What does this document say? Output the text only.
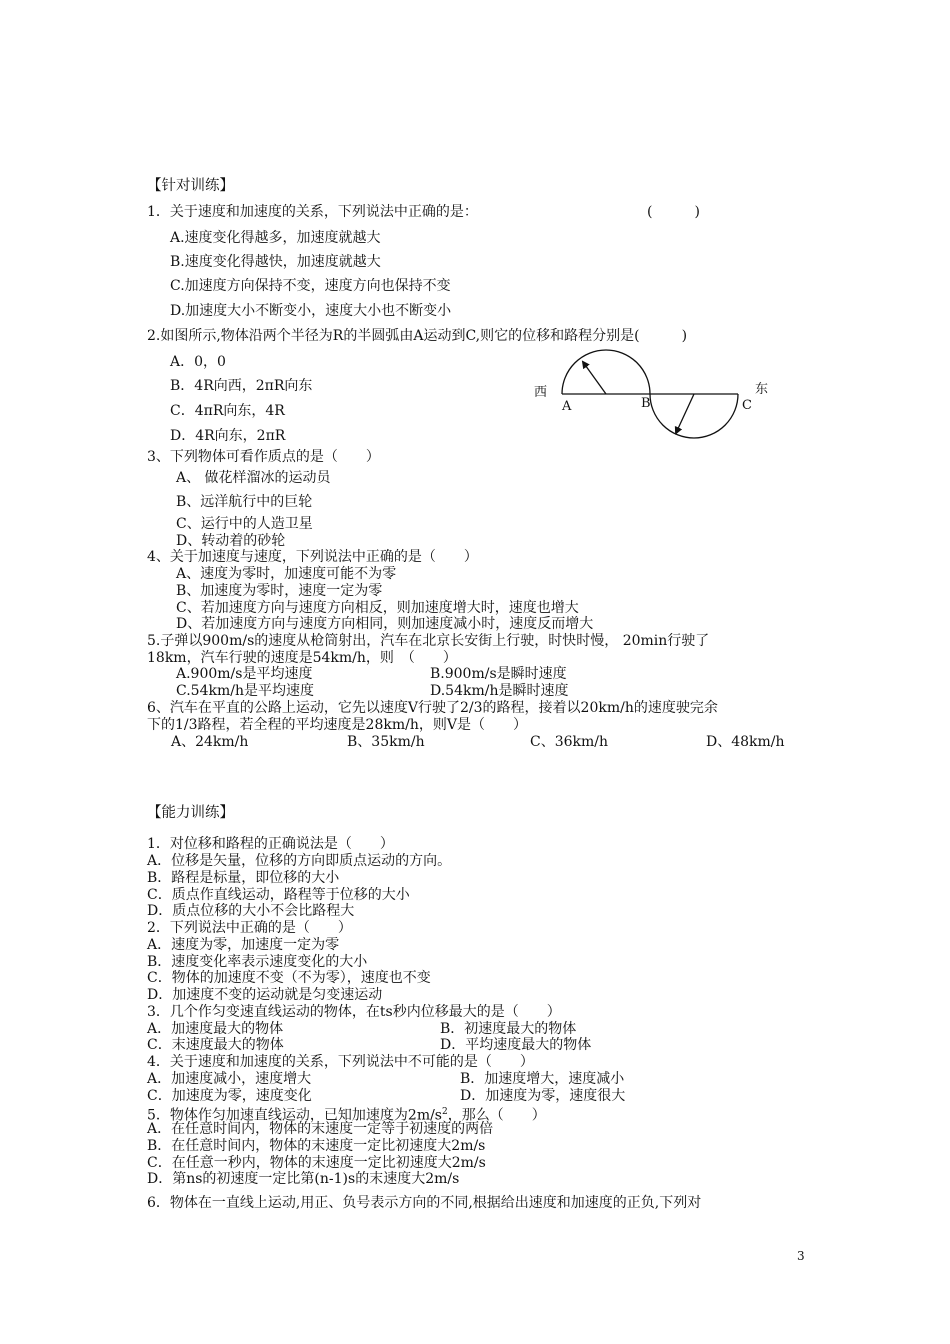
【针对训练】
1．关于速度和加速度的关系，下列说法中正确的是：	(　　　)
A.速度变化得越多，加速度就越大
B.速度变化得越快，加速度就越大
C.加速度方向保持不变，速度方向也保持不变
D.加速度大小不断变小，速度大小也不断变小
2.如图所示,物体沿两个半径为R的半圆弧由A运动到C,则它的位移和路程分别是(　　　)
A．0，0
B．4R向西，2πR向东
C．4πR向东，4R
D．4R向东，2πR
西	东
A	B	C
3、下列物体可看作质点的是（　　）
A、 做花样溜冰的运动员
B、远洋航行中的巨轮
C、运行中的人造卫星
D、转动着的砂轮
4、关于加速度与速度，下列说法中正确的是（　　）
A、速度为零时，加速度可能不为零
B、加速度为零时，速度一定为零
C、若加速度方向与速度方向相反，则加速度增大时，速度也增大
D、若加速度方向与速度方向相同，则加速度减小时，速度反而增大
5.子弹以900m/s的速度从枪筒射出，汽车在北京长安街上行驶，时快时慢， 20min行驶了
18km，汽车行驶的速度是54km/h，则　（　　）
A.900m/s是平均速度	B.900m/s是瞬时速度
C.54km/h是平均速度	D.54km/h是瞬时速度
6、汽车在平直的公路上运动，它先以速度V行驶了2/3的路程，接着以20km/h的速度驶完余
下的1/3路程，若全程的平均速度是28km/h，则V是（　　）
A、24km/h	B、35km/h	C、36km/h	D、48km/h
【能力训练】
1．对位移和路程的正确说法是（　　）
A．位移是矢量，位移的方向即质点运动的方向。
B．路程是标量，即位移的大小
C．质点作直线运动，路程等于位移的大小
D．质点位移的大小不会比路程大
2．下列说法中正确的是（　　）
A．速度为零，加速度一定为零
B．速度变化率表示速度变化的大小
C．物体的加速度不变（不为零），速度也不变
D．加速度不变的运动就是匀变速运动
3．几个作匀变速直线运动的物体，在ts秒内位移最大的是（　　）
A．加速度最大的物体	B．初速度最大的物体
C．末速度最大的物体	D．平均速度最大的物体
4．关于速度和加速度的关系，下列说法中不可能的是（　　）
A．加速度减小，速度增大	B．加速度增大，速度减小
C．加速度为零，速度变化	D．加速度为零，速度很大
5．物体作匀加速直线运动，已知加速度为$2m/s^2$，那么（　　）
A．在任意时间内，物体的末速度一定等于初速度的两倍
B．在任意时间内，物体的末速度一定比初速度大2m/s
C．在任意一秒内，物体的末速度一定比初速度大2m/s
D．第ns的初速度一定比第(n-1)s的末速度大2m/s
6．物体在一直线上运动,用正、负号表示方向的不同,根据给出速度和加速度的正负,下列对
3
